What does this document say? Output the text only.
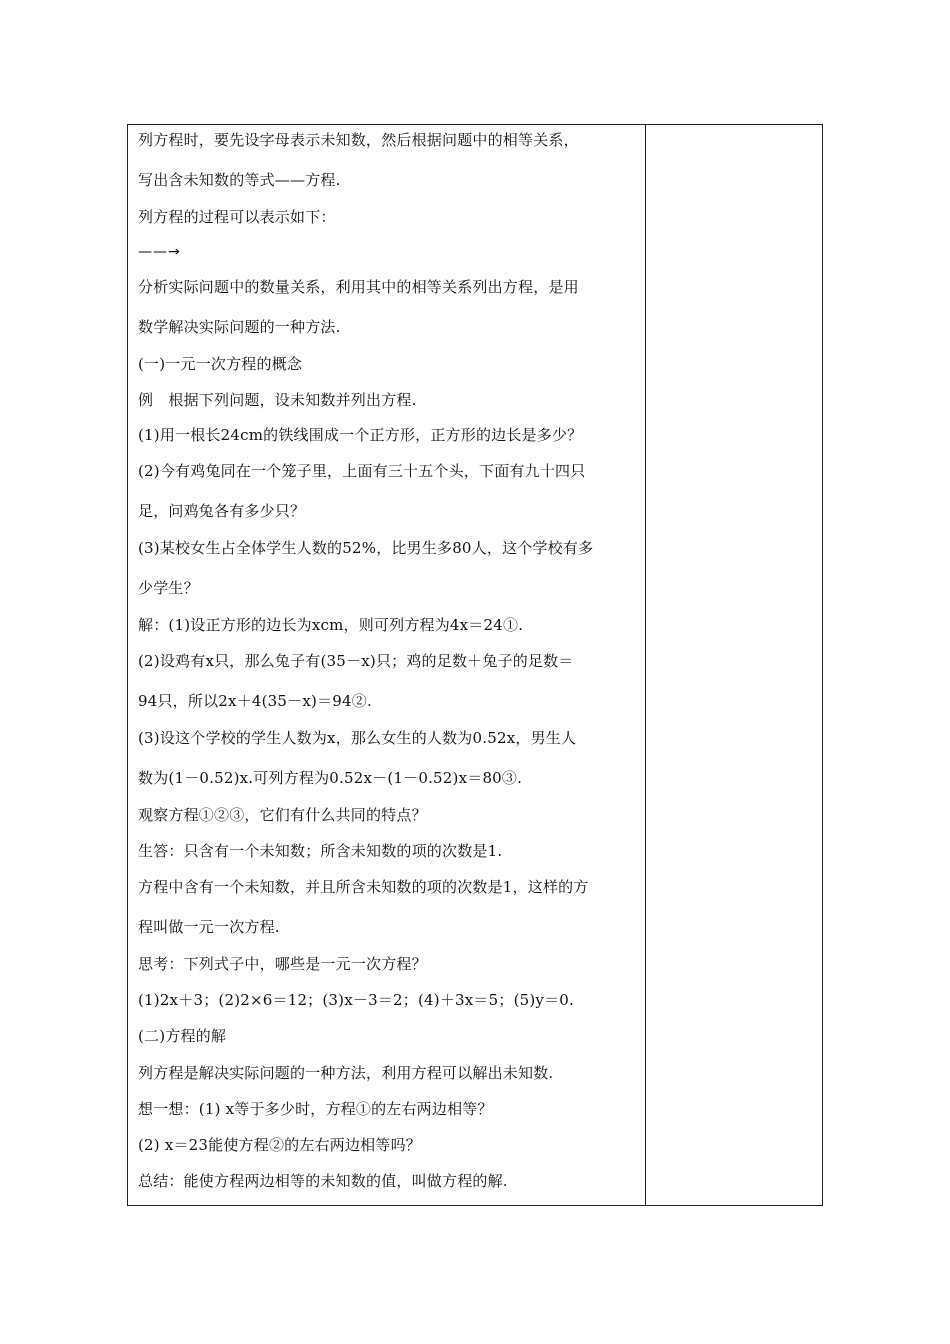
列方程时，要先设字母表示未知数，然后根据问题中的相等关系，
写出含未知数的等式——方程.
列方程的过程可以表示如下：
——→
分析实际问题中的数量关系，利用其中的相等关系列出方程，是用
数学解决实际问题的一种方法.
(一)一元一次方程的概念
例　根据下列问题，设未知数并列出方程.
(1)用一根长24cm的铁线围成一个正方形，正方形的边长是多少？
(2)今有鸡兔同在一个笼子里，上面有三十五个头，下面有九十四只
足，问鸡兔各有多少只？
(3)某校女生占全体学生人数的52%，比男生多80人，这个学校有多
少学生？
解：(1)设正方形的边长为xcm，则可列方程为4x＝24①.
(2)设鸡有x只，那么兔子有(35－x)只；鸡的足数＋兔子的足数＝
94只，所以2x＋4(35－x)＝94②.
(3)设这个学校的学生人数为x，那么女生的人数为0.52x，男生人
数为(1－0.52)x.可列方程为0.52x－(1－0.52)x＝80③.
观察方程①②③，它们有什么共同的特点？
生答：只含有一个未知数；所含未知数的项的次数是1.
方程中含有一个未知数，并且所含未知数的项的次数是1，这样的方
程叫做一元一次方程.
思考：下列式子中，哪些是一元一次方程？
(1)2x＋3；(2)2×6＝12；(3)x－3＝2；(4)＋3x＝5；(5)y＝0.
(二)方程的解
列方程是解决实际问题的一种方法，利用方程可以解出未知数.
想一想：(1) x等于多少时，方程①的左右两边相等？
(2) x＝23能使方程②的左右两边相等吗？
总结：能使方程两边相等的未知数的值，叫做方程的解.
